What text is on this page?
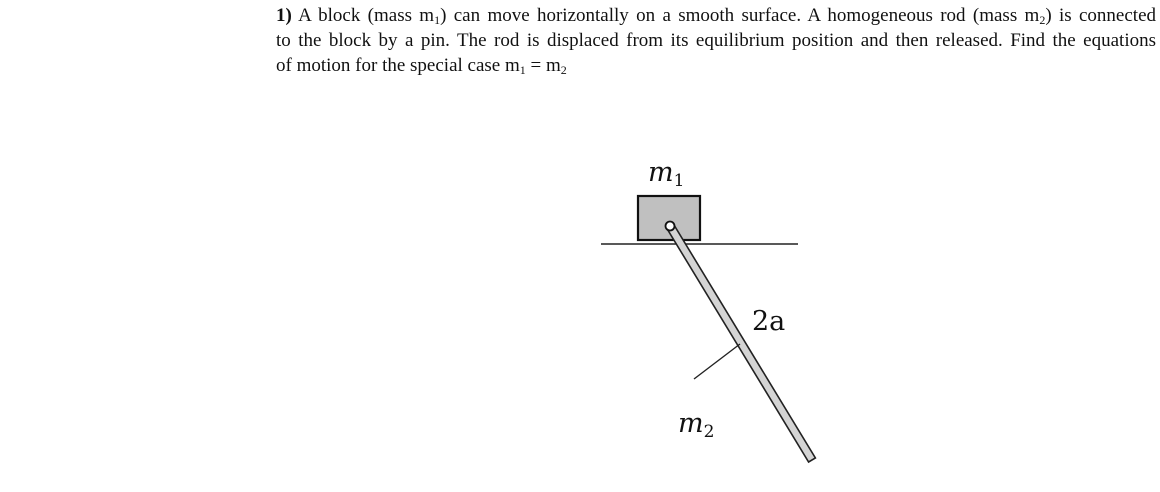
1) A block (mass $m_1$) can move horizontally on a smooth surface. A homogeneous rod (mass $m_2$) is connected
to the block by a pin. The rod is displaced from its equilibrium position and then released. Find the equations
of motion for the special case $m_1 = m_2$
m1
2a
m2
